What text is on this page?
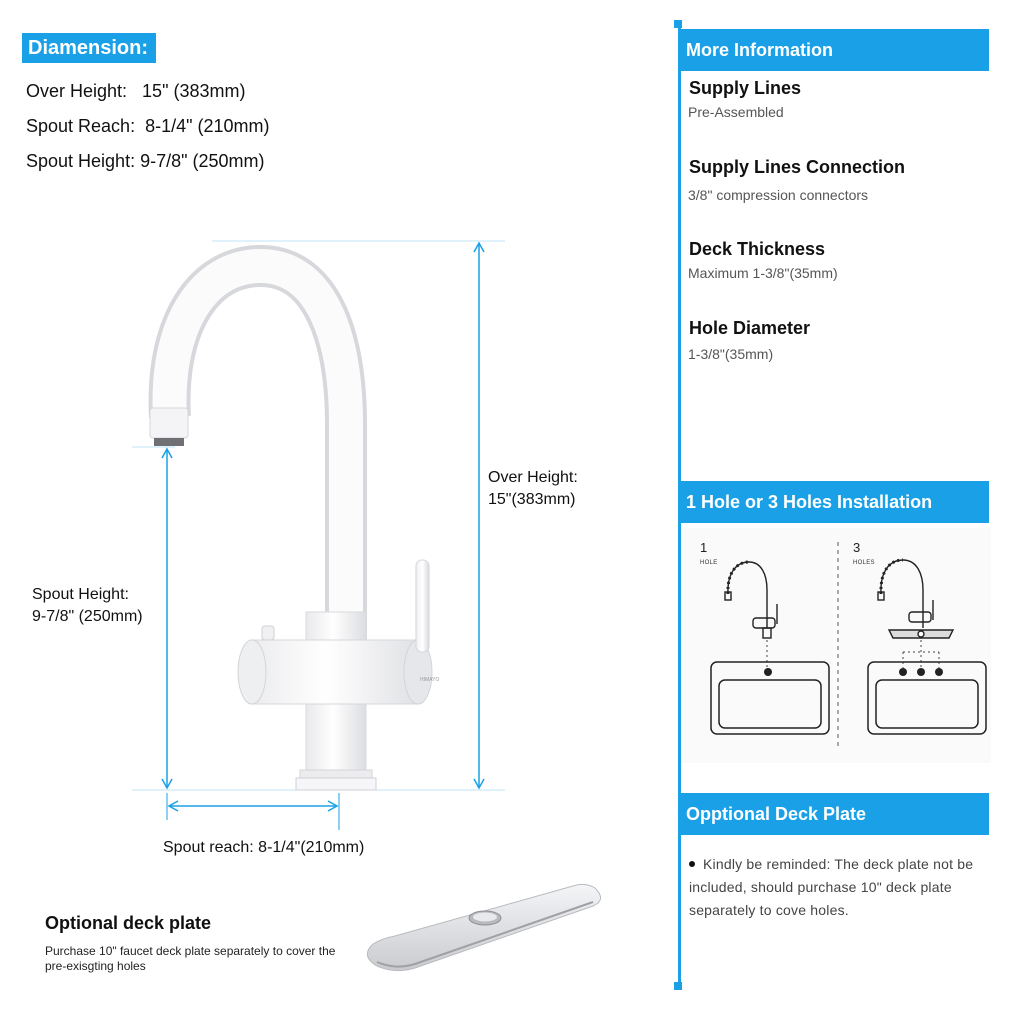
Diamension:
Over Height:   15" (383mm)
Spout Reach:  8-1/4" (210mm)
Spout Height: 9-7/8" (250mm)
HIMAYO
Over Height:
15"(383mm)
Spout Height:
9-7/8" (250mm)
Spout reach: 8-1/4"(210mm)
Optional deck plate
Purchase 10" faucet deck plate separately to cover the pre-exisgting holes
More Information
Supply Lines
Pre-Assembled
Supply Lines Connection
3/8" compression connectors
Deck Thickness
Maximum 1-3/8"(35mm)
Hole Diameter
1-3/8"(35mm)
1 Hole or 3 Holes Installation
1
HOLE
3
HOLES
Opptional Deck Plate
Kindly be reminded: The deck plate not be included, should purchase 10" deck plate separately to cove holes.
